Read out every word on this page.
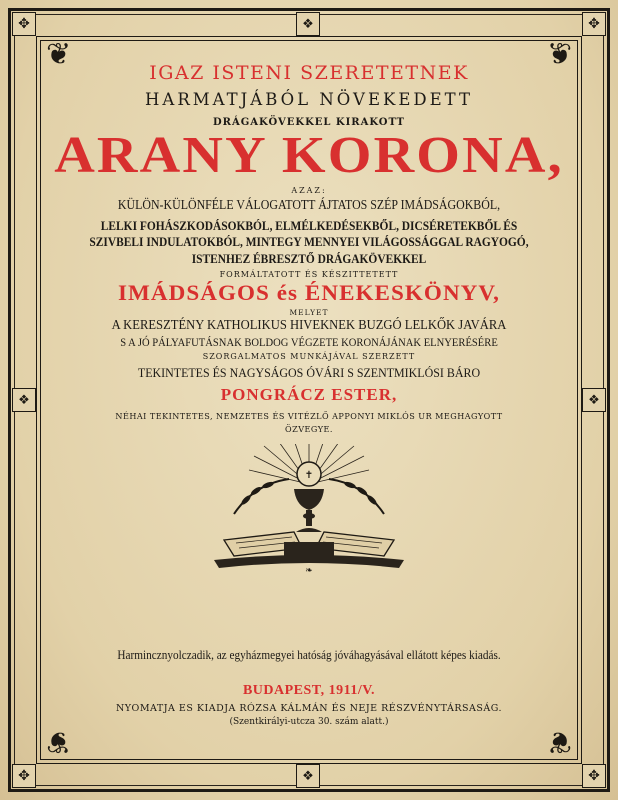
✥	✥
✥	✥
❖
❖
❖	❖
❦	❦
❦	❦

IGAZ ISTENI SZERETETNEK

HARMATJÁBÓL NÖVEKEDETT

DRÁGAKÖVEKKEL KIRAKOTT

ARANY KORONA,

AZAZ:

KÜLÖN-KÜLÖNFÉLE VÁLOGATOTT ÁJTATOS SZÉP IMÁDSÁGOKBÓL,

LELKI FOHÁSZKODÁSOKBÓL, ELMÉLKEDÉSEKBŐL, DICSÉRETEKBŐL ÉS

SZIVBELI INDULATOKBÓL, MINTEGY MENNYEI VILÁGOSSÁGGAL RAGYOGÓ,

ISTENHEZ ÉBRESZTŐ DRÁGAKÖVEKKEL

FORMÁLTATOTT ÉS KÉSZITTETETT

IMÁDSÁGOS és ÉNEKESKÖNYV,

MELYET

A KERESZTÉNY KATHOLIKUS HIVEKNEK BUZGÓ LELKŐK JAVÁRA

S A JÓ PÁLYAFUTÁSNAK BOLDOG VÉGZETE KORONÁJÁNAK ELNYERÉSÉRE

SZORGALMATOS MUNKÁJÁVAL SZERZETT

TEKINTETES ÉS NAGYSÁGOS ÓVÁRI S SZENTMIKLÓSI BÁRO

PONGRÁCZ ESTER,

NÉHAI TEKINTETES, NEMZETES ÉS VITÉZLŐ APPONYI MIKLÓS UR MEGHAGYOTT

ÖZVEGYE.

✝
❧

Harmincznyolczadik, az egyházmegyei hatóság jóváhagyásával ellátott képes kiadás.

BUDAPEST, 1911/V.

NYOMATJA ES KIADJA RÓZSA KÁLMÁN ÉS NEJE RÉSZVÉNYTÁRSASÁG.

(Szentkirályi-utcza 30. szám alatt.)
